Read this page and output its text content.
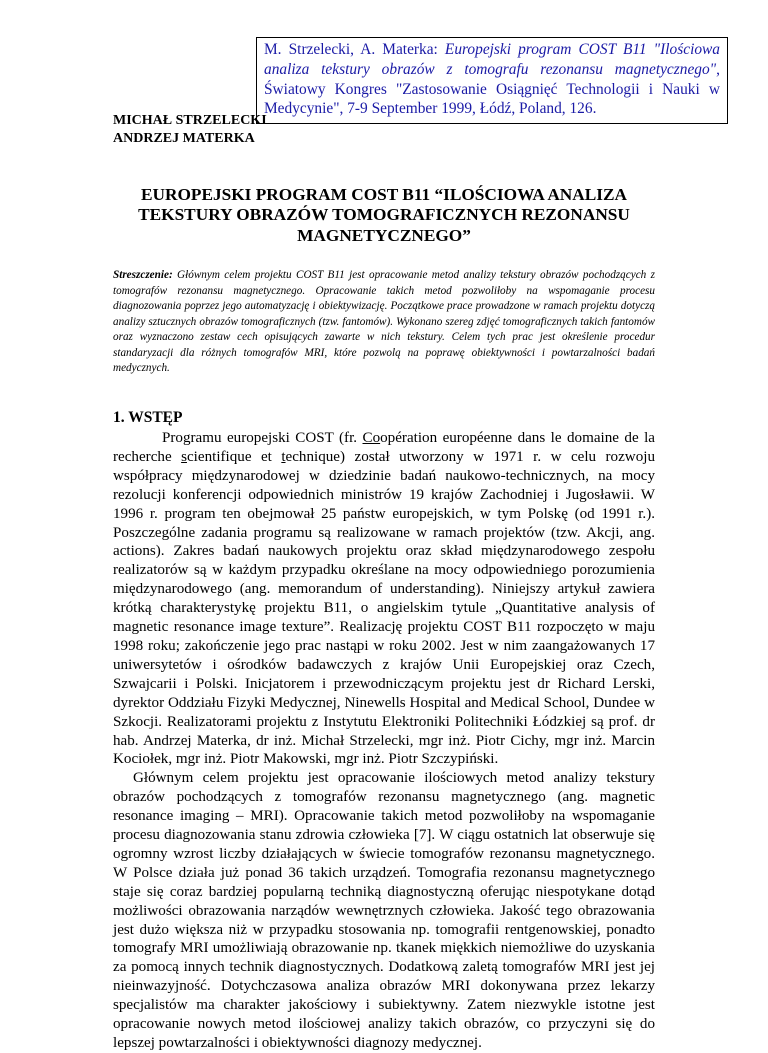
M. Strzelecki, A. Materka: Europejski program COST B11 "Ilościowa analiza tekstury obrazów z tomografu rezonansu magnetycznego", Światowy Kongres "Zastosowanie Osiągnięć Technologii i Nauki w Medycynie", 7-9 September 1999, Łódź, Poland, 126.
MICHAŁ STRZELECKI
ANDRZEJ MATERKA
EUROPEJSKI PROGRAM COST B11 “ILOŚCIOWA ANALIZA TEKSTURY OBRAZÓW TOMOGRAFICZNYCH REZONANSU MAGNETYCZNEGO”
Streszczenie: Głównym celem projektu COST B11 jest opracowanie metod analizy tekstury obrazów pochodzących z tomografów rezonansu magnetycznego. Opracowanie takich metod pozwoliłoby na wspomaganie procesu diagnozowania poprzez jego automatyzację i obiektywizację. Początkowe prace prowadzone w ramach projektu dotyczą analizy sztucznych obrazów tomograficznych (tzw. fantomów). Wykonano szereg zdjęć tomograficznych takich fantomów oraz wyznaczono zestaw cech opisujących zawarte w nich tekstury. Celem tych prac jest określenie procedur standaryzacji dla różnych tomografów MRI, które pozwolą na poprawę obiektywności i powtarzalności badań medycznych.
1. WSTĘP

Programu europejski COST (fr. Coopération européenne dans le domaine de la recherche scientifique et technique) został utworzony w 1971 r. w celu rozwoju współpracy międzynarodowej w dziedzinie badań naukowo-technicznych, na mocy rezolucji konferencji odpowiednich ministrów 19 krajów Zachodniej i Jugosławii. W 1996 r. program ten obejmował 25 państw europejskich, w tym Polskę (od 1991 r.). Poszczególne zadania programu są realizowane w ramach projektów (tzw. Akcji, ang. actions). Zakres badań naukowych projektu oraz skład międzynarodowego zespołu realizatorów są w każdym przypadku określane na mocy odpowiedniego porozumienia międzynarodowego (ang. memorandum of understanding). Niniejszy artykuł zawiera krótką charakterystykę projektu B11, o angielskim tytule „Quantitative analysis of magnetic resonance image texture”. Realizację projektu COST B11 rozpoczęto w maju 1998 roku; zakończenie jego prac nastąpi w roku 2002. Jest w nim zaangażowanych 17 uniwersytetów i ośrodków badawczych z krajów Unii Europejskiej oraz Czech, Szwajcarii i Polski. Inicjatorem i przewodniczącym projektu jest dr Richard Lerski, dyrektor Oddziału Fizyki Medycznej, Ninewells Hospital and Medical School, Dundee w Szkocji. Realizatorami projektu z Instytutu Elektroniki Politechniki Łódzkiej są prof. dr hab. Andrzej Materka, dr inż. Michał Strzelecki, mgr inż. Piotr Cichy, mgr inż. Marcin Kociołek, mgr inż. Piotr Makowski, mgr inż. Piotr Szczypiński.

Głównym celem projektu jest opracowanie ilościowych metod analizy tekstury obrazów pochodzących z tomografów rezonansu magnetycznego (ang. magnetic resonance imaging – MRI). Opracowanie takich metod pozwoliłoby na wspomaganie procesu diagnozowania stanu zdrowia człowieka [7]. W ciągu ostatnich lat obserwuje się ogromny wzrost liczby działających w świecie tomografów rezonansu magnetycznego. W Polsce działa już ponad 36 takich urządzeń. Tomografia rezonansu magnetycznego staje się coraz bardziej popularną techniką diagnostyczną oferując niespotykane dotąd możliwości obrazowania narządów wewnętrznych człowieka. Jakość tego obrazowania jest dużo większa niż w przypadku stosowania np. tomografii rentgenowskiej, ponadto tomografy MRI umożliwiają obrazowanie np. tkanek miękkich niemożliwe do uzyskania za pomocą innych technik diagnostycznych. Dodatkową zaletą tomografów MRI jest jej nieinwazyjność. Dotychczasowa analiza obrazów MRI dokonywana przez lekarzy specjalistów ma charakter jakościowy i subiektywny. Zatem niezwykle istotne jest opracowanie nowych metod ilościowej analizy takich obrazów, co przyczyni się do lepszej powtarzalności i obiektywności diagnozy medycznej.
